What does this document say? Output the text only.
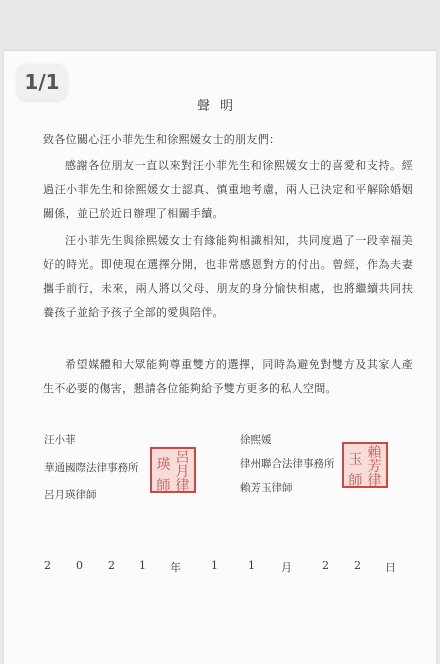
1/1
聲明
致各位關心汪小菲先生和徐熙媛女士的朋友們：
感謝各位朋友一直以來對汪小菲先生和徐熙媛女士的喜愛和支持。經過汪小菲先生和徐熙媛女士認真、慎重地考慮，兩人已決定和平解除婚姻關係，並已於近日辦理了相關手續。
汪小菲先生與徐熙媛女士有緣能夠相識相知，共同度過了一段幸福美好的時光。即使現在選擇分開，也非常感恩對方的付出。曾經，作為夫妻攜手前行，未來，兩人將以父母、朋友的身分愉快相處，也將繼續共同扶養孩子並給予孩子全部的愛與陪伴。
希望媒體和大眾能夠尊重雙方的選擇，同時為避免對雙方及其家人產生不必要的傷害，懇請各位能夠給予雙方更多的私人空間。
汪小菲
華通國際法律事務所
呂月瑛律師
瑛 呂月
師 律
徐熙媛
律州聯合法律事務所
賴芳玉律師
玉 賴芳
師 律
2 0 2 1 年	1	1 月	2 2 日
